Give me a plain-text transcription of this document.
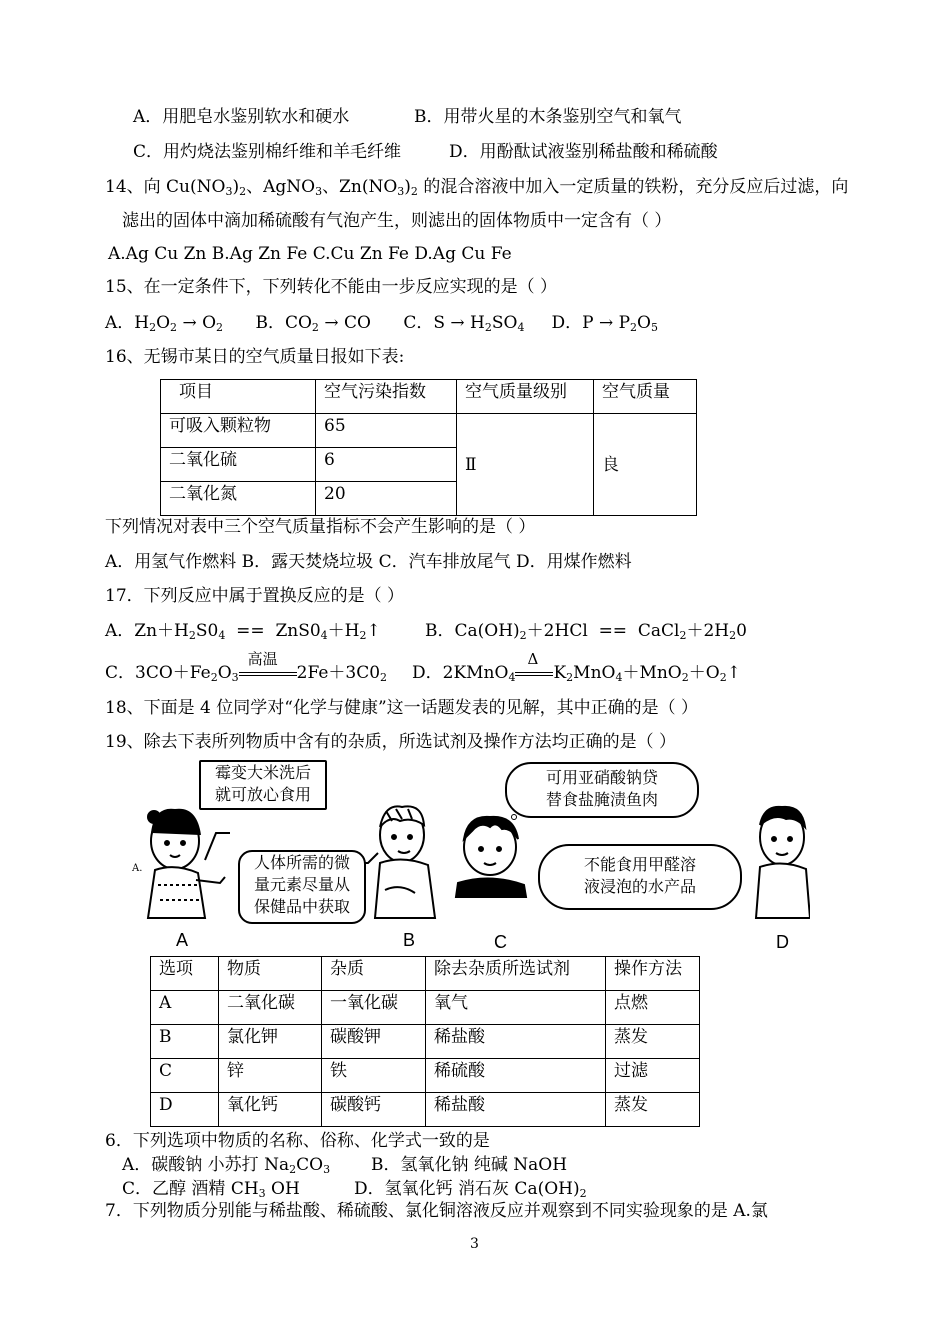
A．用肥皂水鉴别软水和硬水	B．用带火星的木条鉴别空气和氧气
C．用灼烧法鉴别棉纤维和羊毛纤维	D．用酚酞试液鉴别稀盐酸和稀硫酸
14、向 $Cu(NO_3)_2$、AgNO$_3$、$Zn(NO_3)_2$ 的混合溶液中加入一定质量的铁粉，充分反应后过滤，向
滤出的固体中滴加稀硫酸有气泡产生，则滤出的固体物质中一定含有（ ）
A.Ag Cu Zn B.Ag Zn Fe C.Cu Zn Fe D.Ag Cu Fe
15、在一定条件下，下列转化不能由一步反应实现的是（ ）
A．$H_2O_2 \to O_2$      B．$CO_2$ → CO      C．$S \to H_2SO_4$     D．$P \to P_2O_5$
16、无锡市某日的空气质量日报如下表:
项目	空气污染指数	空气质量级别	空气质量
可吸入颗粒物	65	Ⅱ	良
二氧化硫	6		
二氧化氮	20		
下列情况对表中三个空气质量指标不会产生影响的是（ ）
A．用氢气作燃料 B．露天焚烧垃圾 C．汽车排放尾气 D．用煤作燃料
17．下列反应中属于置换反应的是（ ）
A．$Zn+H_2S0_4$  ==  $ZnS0_4+H_2↑$	B．$Ca(OH)_2+2HCl$  ==  $CaCl_2+2H_20$
C．$3CO+Fe_2O_3$
高温
$2Fe+3C0_2$ D．2KMnO$_4$
Δ
$K_2MnO_4+MnO_2+O_2↑$
18、下面是 4 位同学对“化学与健康”这一话题发表的见解，其中正确的是（ ）
19、除去下表所列物质中含有的杂质，所选试剂及操作方法均正确的是（ ）
A.
霉变大米洗后
就可放心食用
人体所需的微
量元素尽量从
保健品中获取
可用亚硝酸钠贷
替食盐腌渍鱼肉
不能食用甲醛溶
液浸泡的水产品
A	B	C	D
选项	物质	杂质	除去杂质所选试剂	操作方法
A	二氧化碳	一氧化碳	氧气	点燃
B	氯化钾	碳酸钾	稀盐酸	蒸发
C	锌	铁	稀硫酸	过滤
D	氧化钙	碳酸钙	稀盐酸	蒸发
6．下列选项中物质的名称、俗称、化学式一致的是
A．碳酸钠 小苏打 $Na_2CO_3$ B．氢氧化钠 纯碱 NaOH
C．乙醇 酒精 $CH_3$ OH	D．氢氧化钙 消石灰 $Ca(OH)_2$
7．下列物质分别能与稀盐酸、稀硫酸、氯化铜溶液反应并观察到不同实验现象的是 A.氯
3
